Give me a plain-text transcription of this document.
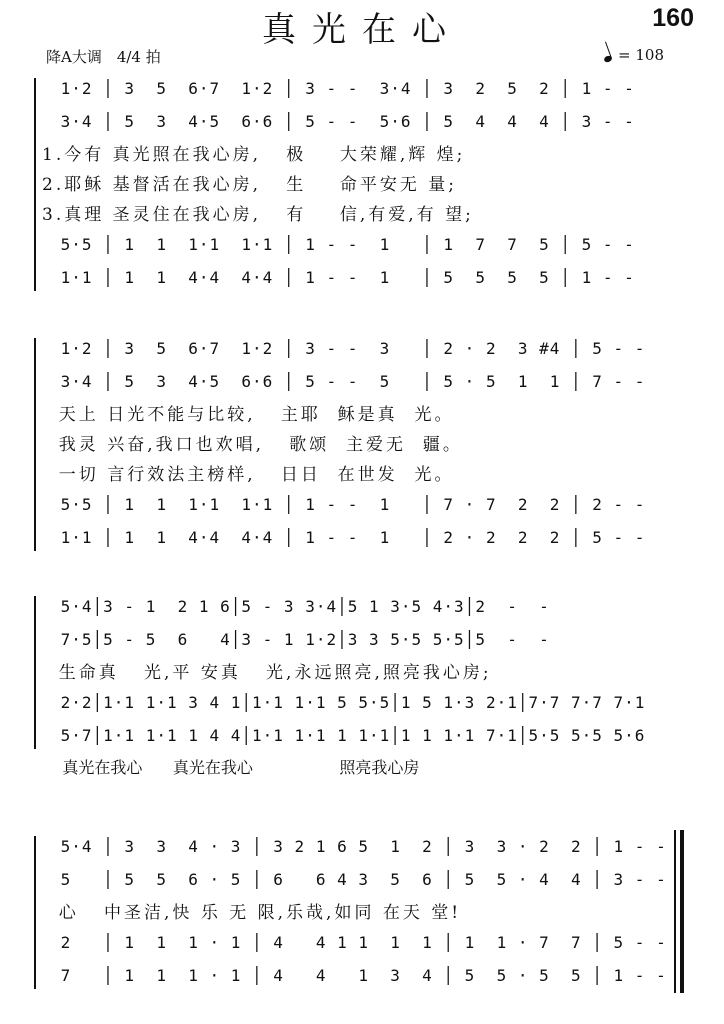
真光在心	160
降A大调　4/4 拍	= 108
1·2 │ 3  5  6·7  1·2 │ 3 - -  3·4 │ 3  2  5  2 │ 1 - -
3·4 │ 5  3  4·5  6·6 │ 5 - -  5·6 │ 5  4  4  4 │ 3 - -
1.今有 真光照在我心房,   极    大荣耀,辉 煌;
2.耶稣 基督活在我心房,   生    命平安无 量;
3.真理 圣灵住在我心房,   有    信,有爱,有 望;
5·5 │ 1  1  1·1  1·1 │ 1 - -  1   │ 1  7  7  5 │ 5 - -
1·1 │ 1  1  4·4  4·4 │ 1 - -  1   │ 5  5  5  5 │ 1 - -
1·2 │ 3  5  6·7  1·2 │ 3 - -  3   │ 2 · 2  3 #4 │ 5 - -
3·4 │ 5  3  4·5  6·6 │ 5 - -  5   │ 5 · 5  1  1 │ 7 - -
天上 日光不能与比较,   主耶  稣是真  光。
我灵 兴奋,我口也欢唱,   歌颂  主爱无  疆。
一切 言行效法主榜样,   日日  在世发  光。
5·5 │ 1  1  1·1  1·1 │ 1 - -  1   │ 7 · 7  2  2 │ 2 - -
1·1 │ 1  1  4·4  4·4 │ 1 - -  1   │ 2 · 2  2  2 │ 5 - -
5·4│3 - 1  2 1 6│5 - 3 3·4│5 1 3·5 4·3│2  -  -
7·5│5 - 5  6   4│3 - 1 1·2│3 3 5·5 5·5│5  -  -
生命真   光,平 安真   光,永远照亮,照亮我心房;
2·2│1·1 1·1 3 4 1│1·1 1·1 5 5·5│1 5 1·3 2·1│7·7 7·7 7·1
5·7│1·1 1·1 1 4 4│1·1 1·1 1 1·1│1 1 1·1 7·1│5·5 5·5 5·6
真光在我心      真光在我心                 照亮我心房
5·4 │ 3  3  4 · 3 │ 3 2 1 6 5  1  2 │ 3  3 · 2  2 │ 1 - -
5   │ 5  5  6 · 5 │ 6   6 4 3  5  6 │ 5  5 · 4  4 │ 3 - -
心   中圣洁,快 乐 无 限,乐哉,如同 在天 堂!
2   │ 1  1  1 · 1 │ 4   4 1 1  1  1 │ 1  1 · 7  7 │ 5 - -
7   │ 1  1  1 · 1 │ 4   4   1  3  4 │ 5  5 · 5  5 │ 1 - -
